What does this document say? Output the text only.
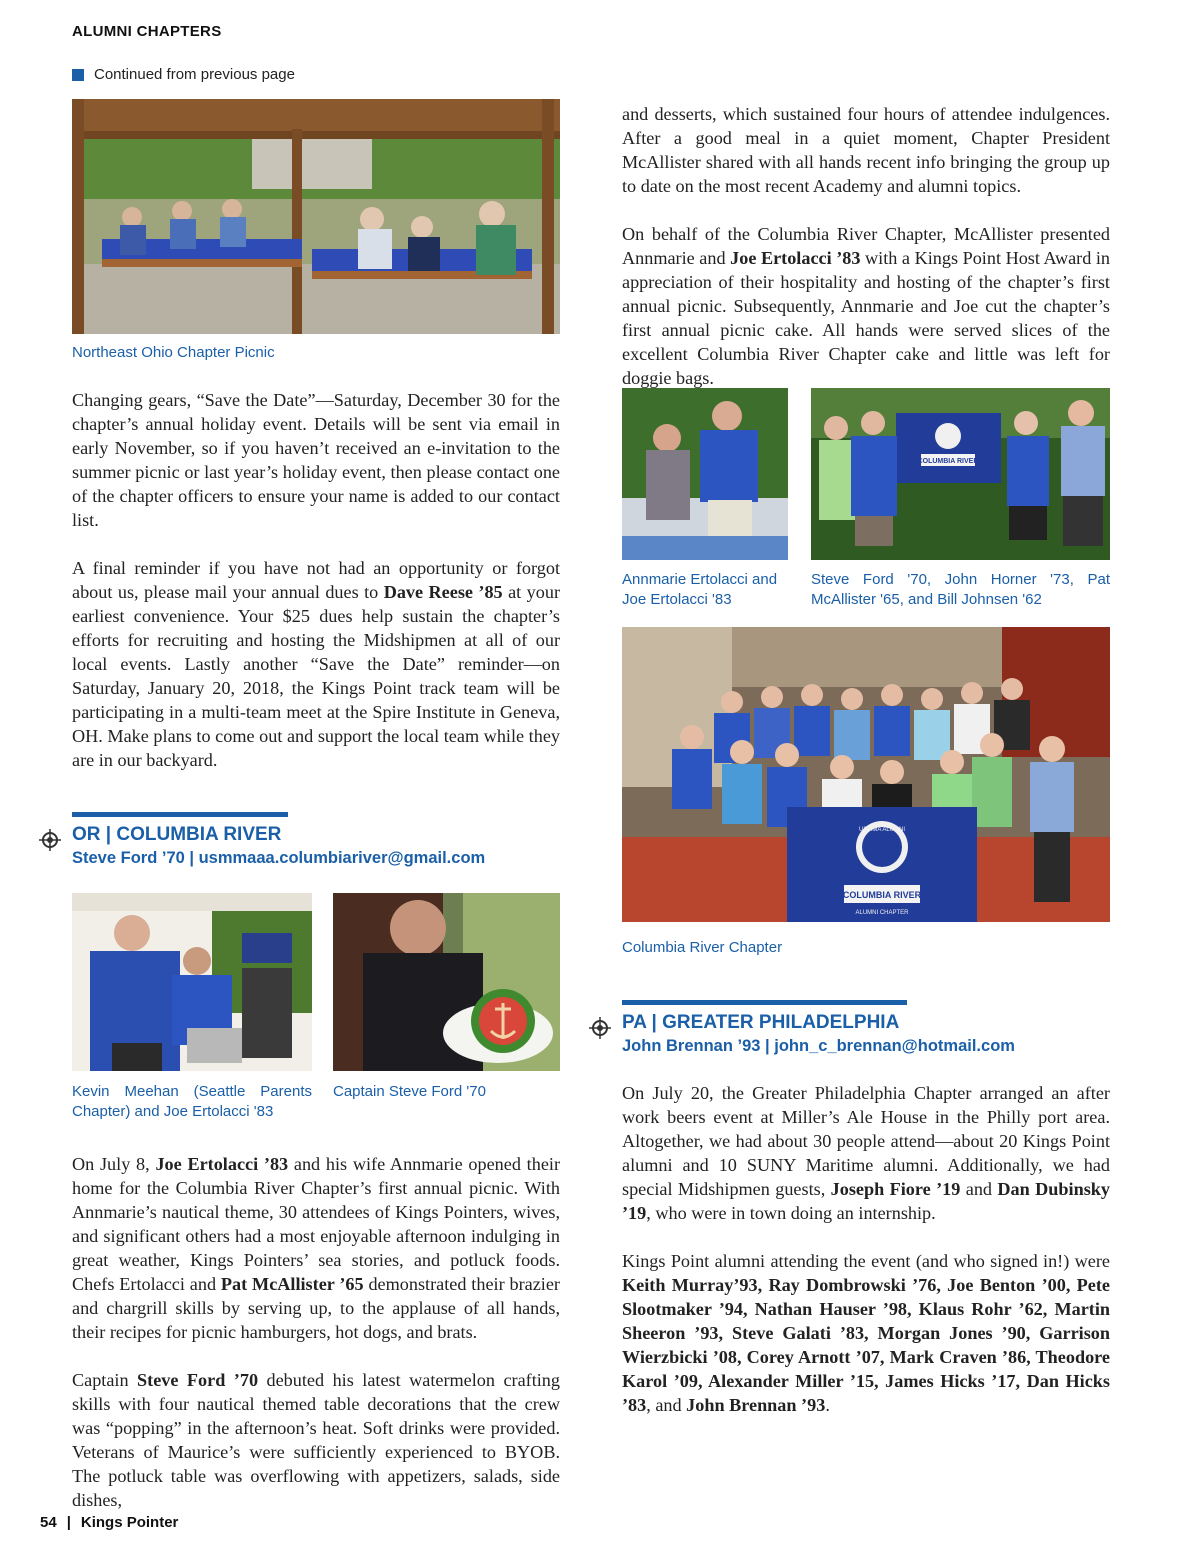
ALUMNI CHAPTERS
Continued from previous page
Northeast Ohio Chapter Picnic

Changing gears, “Save the Date”—Saturday, December 30 for the chapter’s annual holiday event. Details will be sent via email in early November, so if you haven’t received an e-invitation to the summer picnic or last year’s holiday event, then please contact one of the chapter officers to ensure your name is added to our contact list.

A final reminder if you have not had an opportunity or forgot about us, please mail your annual dues to Dave Reese ’85 at your earliest convenience. Your $25 dues help sustain the chapter’s efforts for recruiting and hosting the Midshipmen at all of our local events. Lastly another “Save the Date” reminder—on Saturday, January 20, 2018, the Kings Point track team will be participating in a multi-team meet at the Spire Institute in Geneva, OH. Make plans to come out and support the local team while they are in our backyard.

OR | COLUMBIA RIVER
Steve Ford ’70 | usmmaaa.columbiariver@gmail.com
Kevin Meehan (Seattle Parents Chapter) and Joe Ertolacci '83
Captain Steve Ford '70

On July 8, Joe Ertolacci ’83 and his wife Annmarie opened their home for the Columbia River Chapter’s first annual picnic. With Annmarie’s nautical theme, 30 attendees of Kings Pointers, wives, and significant others had a most enjoyable afternoon indulging in great weather, Kings Pointers’ sea stories, and potluck foods. Chefs Ertolacci and Pat McAllister ’65 demonstrated their brazier and chargrill skills by serving up, to the applause of all hands, their recipes for picnic hamburgers, hot dogs, and brats.

Captain Steve Ford ’70 debuted his latest watermelon crafting skills with four nautical themed table decorations that the crew was “popping” in the afternoon’s heat. Soft drinks were provided. Veterans of Maurice’s were sufficiently experienced to BYOB. The potluck table was overflowing with appetizers, salads, side dishes,

and desserts, which sustained four hours of attendee indulgences. After a good meal in a quiet moment, Chapter President McAllister shared with all hands recent info bringing the group up to date on the most recent Academy and alumni topics.

On behalf of the Columbia River Chapter, McAllister presented Annmarie and Joe Ertolacci ’83 with a Kings Point Host Award in appreciation of their hospitality and hosting of the chapter’s first annual picnic. Subsequently, Annmarie and Joe cut the chapter’s first annual picnic cake. All hands were served slices of the excellent Columbia River Chapter cake and little was left for doggie bags.

COLUMBIA RIVER
Annmarie Ertolacci and Joe Ertolacci '83
Steve Ford '70, John Horner '73, Pat McAllister '65, and Bill Johnsen '62
USMMA ALUMNI
COLUMBIA RIVER
ALUMNI CHAPTER
Columbia River Chapter
PA | GREATER PHILADELPHIA
John Brennan ’93 | john_c_brennan@hotmail.com

On July 20, the Greater Philadelphia Chapter arranged an after work beers event at Miller’s Ale House in the Philly port area. Altogether, we had about 30 people attend—about 20 Kings Point alumni and 10 SUNY Maritime alumni. Additionally, we had special Midshipmen guests, Joseph Fiore ’19 and Dan Dubinsky ’19, who were in town doing an internship.

Kings Point alumni attending the event (and who signed in!) were Keith Murray’93, Ray Dombrowski ’76, Joe Benton ’00, Pete Slootmaker ’94, Nathan Hauser ’98, Klaus Rohr ’62, Martin Sheeron ’93, Steve Galati ’83, Morgan Jones ’90, Garrison Wierzbicki ’08, Corey Arnott ’07, Mark Craven ’86, Theodore Karol ’09, Alexander Miller ’15, James Hicks ’17, Dan Hicks ’83, and John Brennan ’93.

54 | Kings Pointer
